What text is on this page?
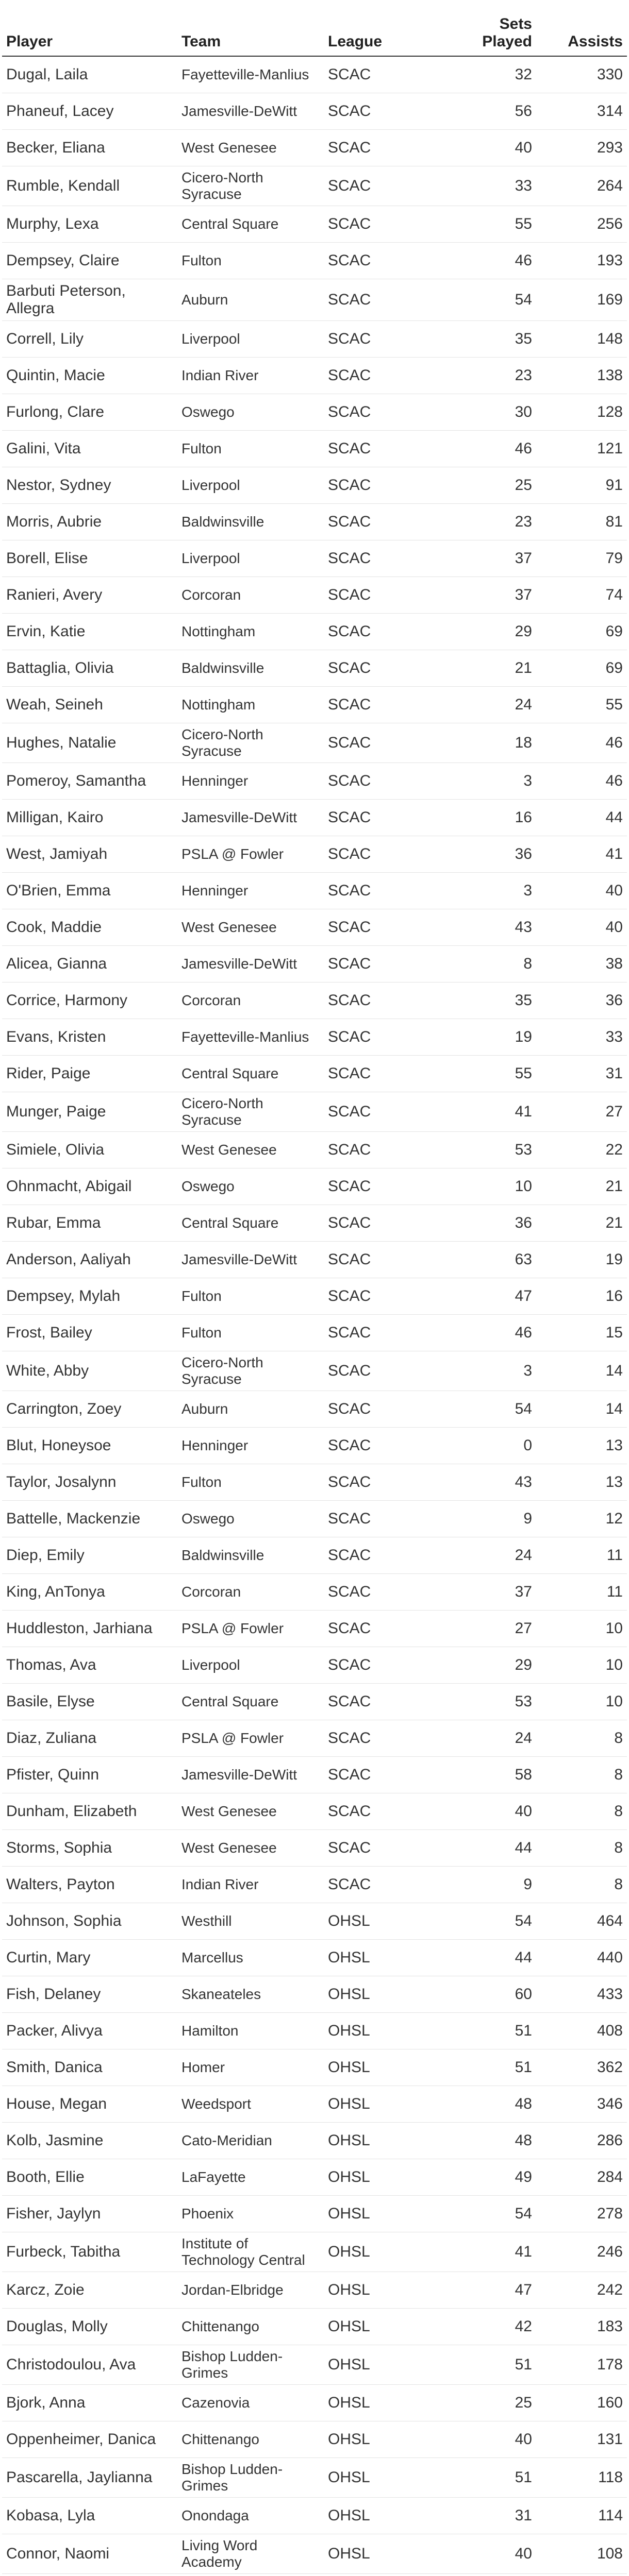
Player	Team	League	Sets Played	Assists
Dugal, Laila	Fayetteville-Manlius	SCAC	32	330
Phaneuf, Lacey	Jamesville-DeWitt	SCAC	56	314
Becker, Eliana	West Genesee	SCAC	40	293
Rumble, Kendall	Cicero-North Syracuse	SCAC	33	264
Murphy, Lexa	Central Square	SCAC	55	256
Dempsey, Claire	Fulton	SCAC	46	193
Barbuti Peterson, Allegra	Auburn	SCAC	54	169
Correll, Lily	Liverpool	SCAC	35	148
Quintin, Macie	Indian River	SCAC	23	138
Furlong, Clare	Oswego	SCAC	30	128
Galini, Vita	Fulton	SCAC	46	121
Nestor, Sydney	Liverpool	SCAC	25	91
Morris, Aubrie	Baldwinsville	SCAC	23	81
Borell, Elise	Liverpool	SCAC	37	79
Ranieri, Avery	Corcoran	SCAC	37	74
Ervin, Katie	Nottingham	SCAC	29	69
Battaglia, Olivia	Baldwinsville	SCAC	21	69
Weah, Seineh	Nottingham	SCAC	24	55
Hughes, Natalie	Cicero-North Syracuse	SCAC	18	46
Pomeroy, Samantha	Henninger	SCAC	3	46
Milligan, Kairo	Jamesville-DeWitt	SCAC	16	44
West, Jamiyah	PSLA @ Fowler	SCAC	36	41
O'Brien, Emma	Henninger	SCAC	3	40
Cook, Maddie	West Genesee	SCAC	43	40
Alicea, Gianna	Jamesville-DeWitt	SCAC	8	38
Corrice, Harmony	Corcoran	SCAC	35	36
Evans, Kristen	Fayetteville-Manlius	SCAC	19	33
Rider, Paige	Central Square	SCAC	55	31
Munger, Paige	Cicero-North Syracuse	SCAC	41	27
Simiele, Olivia	West Genesee	SCAC	53	22
Ohnmacht, Abigail	Oswego	SCAC	10	21
Rubar, Emma	Central Square	SCAC	36	21
Anderson, Aaliyah	Jamesville-DeWitt	SCAC	63	19
Dempsey, Mylah	Fulton	SCAC	47	16
Frost, Bailey	Fulton	SCAC	46	15
White, Abby	Cicero-North Syracuse	SCAC	3	14
Carrington, Zoey	Auburn	SCAC	54	14
Blut, Honeysoe	Henninger	SCAC	0	13
Taylor, Josalynn	Fulton	SCAC	43	13
Battelle, Mackenzie	Oswego	SCAC	9	12
Diep, Emily	Baldwinsville	SCAC	24	11
King, AnTonya	Corcoran	SCAC	37	11
Huddleston, Jarhiana	PSLA @ Fowler	SCAC	27	10
Thomas, Ava	Liverpool	SCAC	29	10
Basile, Elyse	Central Square	SCAC	53	10
Diaz, Zuliana	PSLA @ Fowler	SCAC	24	8
Pfister, Quinn	Jamesville-DeWitt	SCAC	58	8
Dunham, Elizabeth	West Genesee	SCAC	40	8
Storms, Sophia	West Genesee	SCAC	44	8
Walters, Payton	Indian River	SCAC	9	8
Johnson, Sophia	Westhill	OHSL	54	464
Curtin, Mary	Marcellus	OHSL	44	440
Fish, Delaney	Skaneateles	OHSL	60	433
Packer, Alivya	Hamilton	OHSL	51	408
Smith, Danica	Homer	OHSL	51	362
House, Megan	Weedsport	OHSL	48	346
Kolb, Jasmine	Cato-Meridian	OHSL	48	286
Booth, Ellie	LaFayette	OHSL	49	284
Fisher, Jaylyn	Phoenix	OHSL	54	278
Furbeck, Tabitha	Institute of Technology Central	OHSL	41	246
Karcz, Zoie	Jordan-Elbridge	OHSL	47	242
Douglas, Molly	Chittenango	OHSL	42	183
Christodoulou, Ava	Bishop Ludden-Grimes	OHSL	51	178
Bjork, Anna	Cazenovia	OHSL	25	160
Oppenheimer, Danica	Chittenango	OHSL	40	131
Pascarella, Jaylianna	Bishop Ludden-Grimes	OHSL	51	118
Kobasa, Lyla	Onondaga	OHSL	31	114
Connor, Naomi	Living Word Academy	OHSL	40	108
